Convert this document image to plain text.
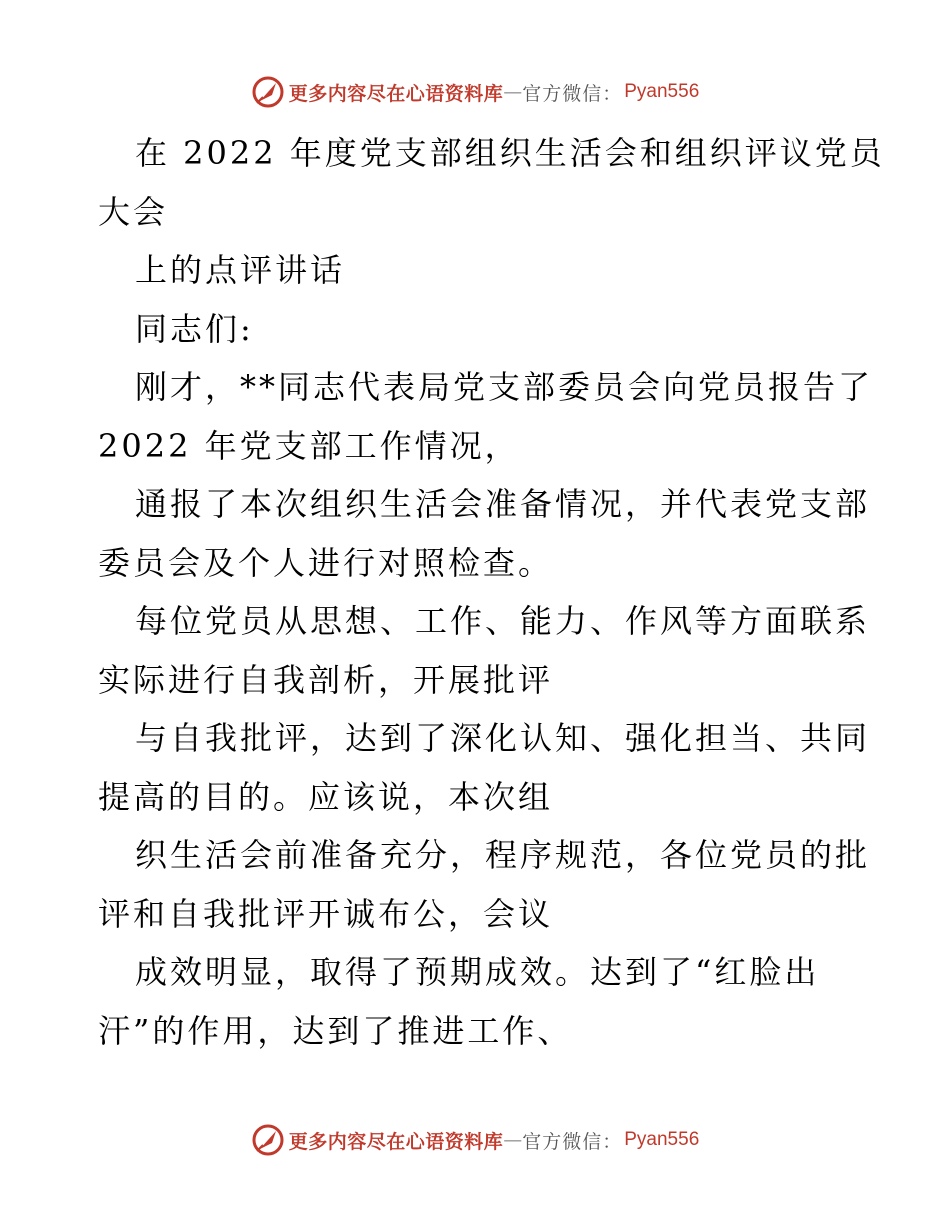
更多内容尽在心语资料库 — 官方微信： Pyan556
在 2022 年度党支部组织生活会和组织评议党员
大会
上的点评讲话
同志们:
刚才，**同志代表局党支部委员会向党员报告了
2022 年党支部工作情况，
通报了本次组织生活会准备情况，并代表党支部
委员会及个人进行对照检查。
每位党员从思想、工作、能力、作风等方面联系
实际进行自我剖析，开展批评
与自我批评，达到了深化认知、强化担当、共同
提高的目的。应该说，本次组
织生活会前准备充分，程序规范，各位党员的批
评和自我批评开诚布公，会议
成效明显，取得了预期成效。达到了“红脸出
汗”的作用，达到了推进工作、
更多内容尽在心语资料库 — 官方微信： Pyan556
